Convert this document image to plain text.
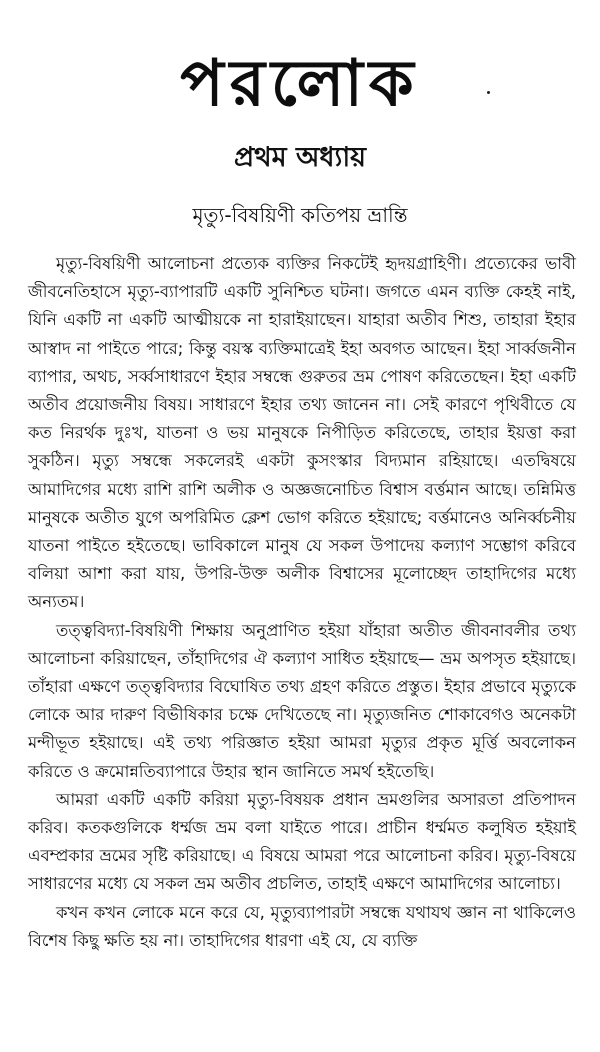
পরলোক
প্রথম অধ্যায়
মৃত্যু-বিষয়িণী কতিপয় ভ্রান্তি

মৃত্যু-বিষয়িণী আলোচনা প্রত্যেক ব্যক্তির নিকটেই হৃদয়গ্রাহিণী। প্রত্যেকের ভাবী জীবনেতিহাসে মৃত্যু-ব্যাপারটি একটি সুনিশ্চিত ঘটনা। জগতে এমন ব্যক্তি কেহই নাই, যিনি একটি না একটি আত্মীয়কে না হারাইয়াছেন। যাহারা অতীব শিশু, তাহারা ইহার আস্বাদ না পাইতে পারে; কিন্তু বয়স্ক ব্যক্তিমাত্রেই ইহা অবগত আছেন। ইহা সার্ব্বজনীন ব্যাপার, অথচ, সর্ব্বসাধারণে ইহার সম্বন্ধে গুরুতর ভ্রম পোষণ করিতেছেন। ইহা একটি অতীব প্রয়োজনীয় বিষয়। সাধারণে ইহার তথ্য জানেন না। সেই কারণে পৃথিবীতে যে কত নিরর্থক দুঃখ, যাতনা ও ভয় মানুষকে নিপীড়িত করিতেছে, তাহার ইয়ত্তা করা সুকঠিন। মৃত্যু সম্বন্ধে সকলেরই একটা কুসংস্কার বিদ্যমান রহিয়াছে। এতদ্বিষয়ে আমাদিগের মধ্যে রাশি রাশি অলীক ও অজ্ঞজনোচিত বিশ্বাস বর্ত্তমান আছে। তন্নিমিত্ত মানুষকে অতীত যুগে অপরিমিত ক্লেশ ভোগ করিতে হইয়াছে; বর্ত্তমানেও অনির্ব্বচনীয় যাতনা পাইতে হইতেছে। ভাবিকালে মানুষ যে সকল উপাদেয় কল্যাণ সম্ভোগ করিবে বলিয়া আশা করা যায়, উপরি-উক্ত অলীক বিশ্বাসের মূলোচ্ছেদ তাহাদিগের মধ্যে অন্যতম।

তত্ত্ববিদ্যা-বিষয়িণী শিক্ষায় অনুপ্রাণিত হইয়া যাঁহারা অতীত জীবনাবলীর তথ্য আলোচনা করিয়াছেন, তাঁহাদিগের ঐ কল্যাণ সাধিত হইয়াছে— ভ্রম অপসৃত হইয়াছে। তাঁহারা এক্ষণে তত্ত্ববিদ্যার বিঘোষিত তথ্য গ্রহণ করিতে প্রস্তুত। ইহার প্রভাবে মৃত্যুকে লোকে আর দারুণ বিভীষিকার চক্ষে দেখিতেছে না। মৃত্যুজনিত শোকাবেগও অনেকটা মন্দীভূত হইয়াছে। এই তথ্য পরিজ্ঞাত হইয়া আমরা মৃত্যুর প্রকৃত মূর্ত্তি অবলোকন করিতে ও ক্রমোন্নতিব্যাপারে উহার স্থান জানিতে সমর্থ হইতেছি।

আমরা একটি একটি করিয়া মৃত্যু-বিষয়ক প্রধান ভ্রমগুলির অসারতা প্রতিপাদন করিব। কতকগুলিকে ধর্ম্মজ ভ্রম বলা যাইতে পারে। প্রাচীন ধর্ম্মমত কলুষিত হইয়াই এবম্প্রকার ভ্রমের সৃষ্টি করিয়াছে। এ বিষয়ে আমরা পরে আলোচনা করিব। মৃত্যু-বিষয়ে সাধারণের মধ্যে যে সকল ভ্রম অতীব প্রচলিত, তাহাই এক্ষণে আমাদিগের আলোচ্য।

কখন কখন লোকে মনে করে যে, মৃত্যুব্যাপারটা সম্বন্ধে যথাযথ জ্ঞান না থাকিলেও বিশেষ কিছু ক্ষতি হয় না। তাহাদিগের ধারণা এই যে, যে ব্যক্তি
